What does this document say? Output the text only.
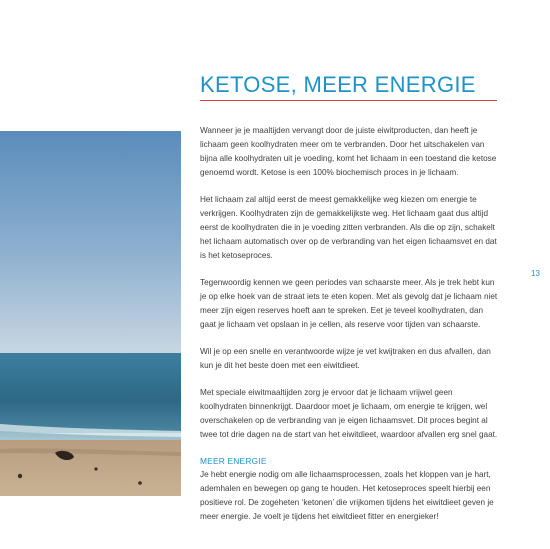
KETOSE, MEER ENERGIE

Wanneer je je maaltijden vervangt door de juiste eiwitproducten, dan heeft je lichaam geen koolhydraten meer om te verbranden. Door het uitschakelen van bijna alle koolhydraten uit je voeding, komt het lichaam in een toestand die ketose genoemd wordt. Ketose is een 100% biochemisch proces in je lichaam.

Het lichaam zal altijd eerst de meest gemakkelijke weg kiezen om energie te verkrijgen. Koolhydraten zijn de gemakkelijkste weg. Het lichaam gaat dus altijd eerst de koolhydraten die in je voeding zitten verbranden. Als die op zijn, schakelt het lichaam automatisch over op de verbranding van het eigen lichaamsvet en dat is het ketoseproces.

Tegenwoordig kennen we geen periodes van schaarste meer. Als je trek hebt kun je op elke hoek van de straat iets te eten kopen. Met als gevolg dat je lichaam niet meer zijn eigen reserves hoeft aan te spreken. Eet je teveel koolhydraten, dan gaat je lichaam vet opslaan in je cellen, als reserve voor tijden van schaarste.

Wil je op een snelle en verantwoorde wijze je vet kwijtraken en dus afvallen, dan kun je dit het beste doen met een eiwitdieet.

Met speciale eiwitmaaltijden zorg je ervoor dat je lichaam vrijwel geen koolhydraten binnenkrijgt. Daardoor moet je lichaam, om energie te krijgen, wel overschakelen op de verbranding van je eigen lichaamsvet. Dit proces begint al twee tot drie dagen na de start van het eiwitdieet, waardoor afvallen erg snel gaat.

MEER ENERGIE

Je hebt energie nodig om alle lichaamsprocessen, zoals het kloppen van je hart, ademhalen en bewegen op gang te houden. Het ketoseproces speelt hierbij een positieve rol. De zogeheten ‘ketonen’ die vrijkomen tijdens het eiwitdieet geven je meer energie. Je voelt je tijdens het eiwitdieet fitter en energieker!

13
